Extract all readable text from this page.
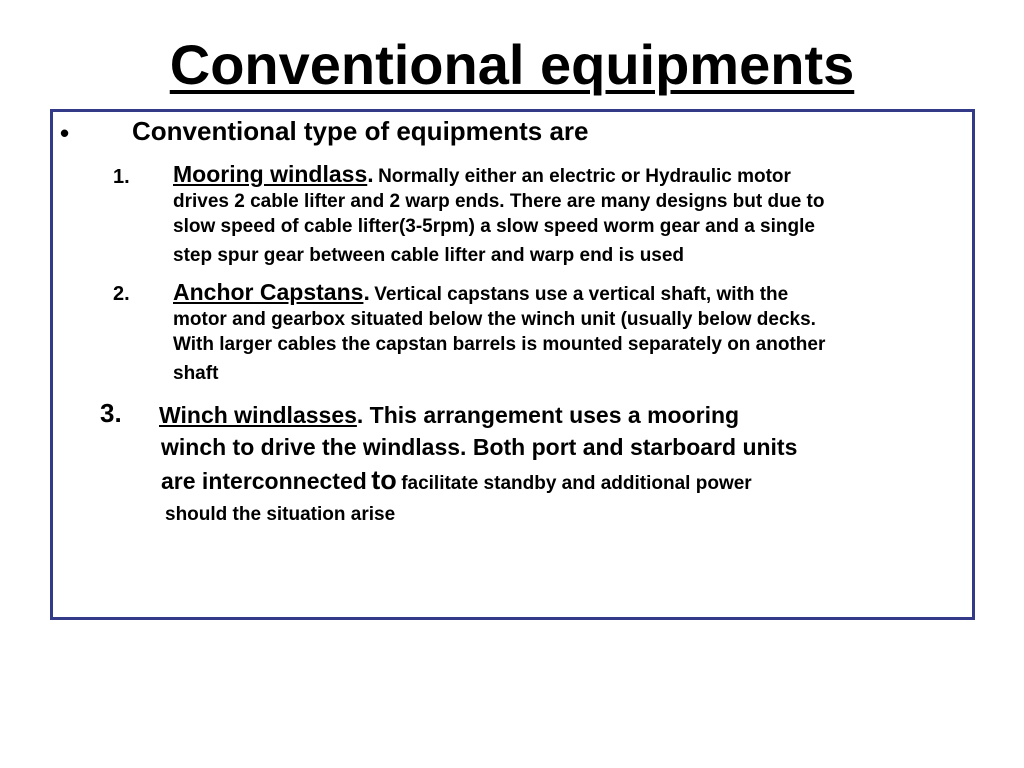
Conventional equipments
• Conventional type of equipments are
1. Mooring windlass. Normally either an electric or Hydraulic motor
drives 2 cable lifter and 2 warp ends. There are many designs but due to
slow speed of cable lifter(3-5rpm) a slow speed worm gear and a single
step spur gear between cable lifter and warp end is used
2. Anchor Capstans. Vertical capstans use a vertical shaft, with the
motor and gearbox situated below the winch unit (usually below decks.
With larger cables the capstan barrels is mounted separately on another
shaft
3. Winch windlasses. This arrangement uses a mooring
winch to drive the windlass. Both port and starboard units
are interconnected to facilitate standby and additional power
should the situation arise
